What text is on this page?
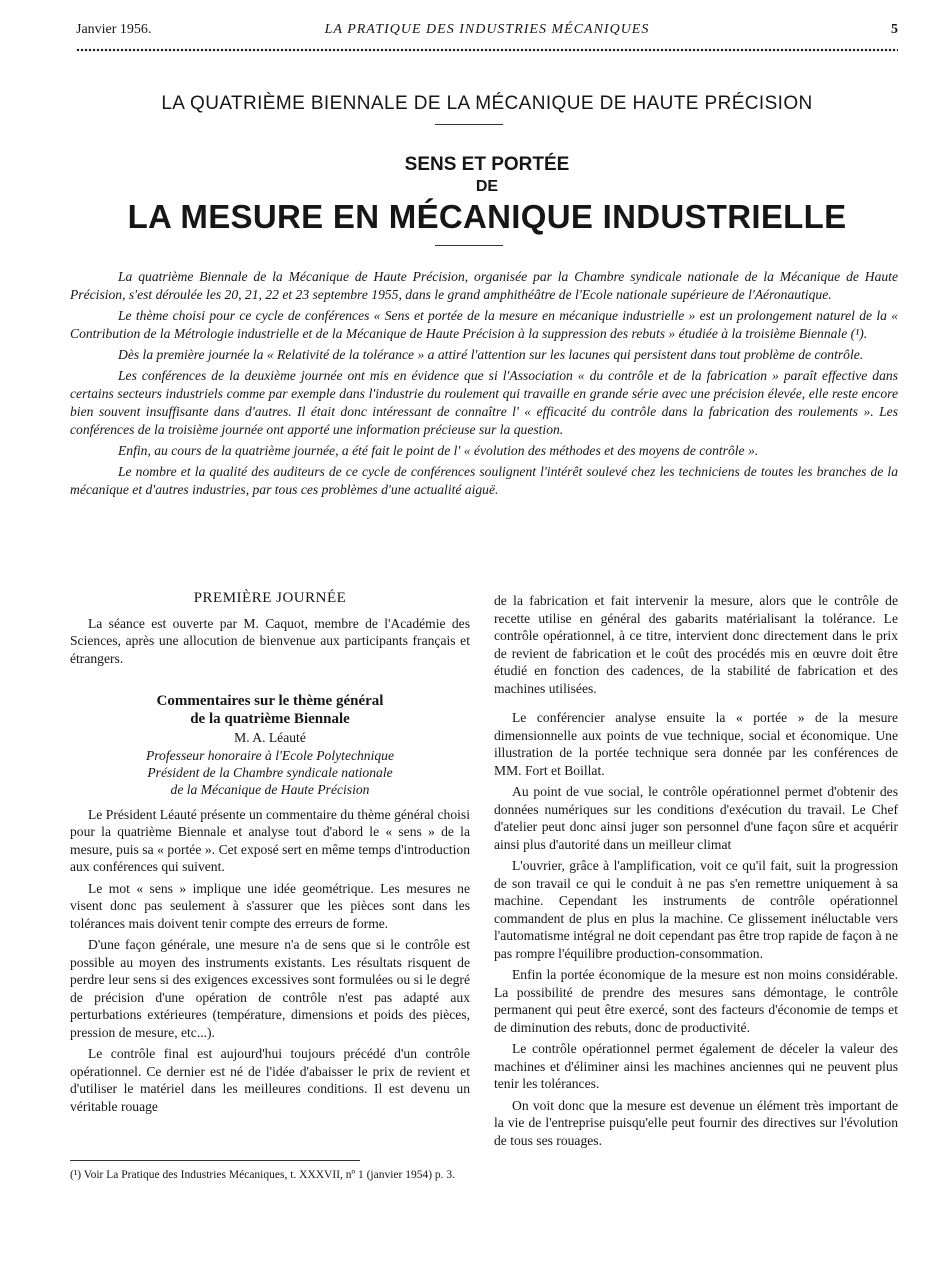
Janvier 1956.	LA PRATIQUE DES INDUSTRIES MÉCANIQUES	5
LA QUATRIÈME BIENNALE DE LA MÉCANIQUE DE HAUTE PRÉCISION
SENS ET PORTÉE
DE
LA MESURE EN MÉCANIQUE INDUSTRIELLE

La quatrième Biennale de la Mécanique de Haute Précision, organisée par la Chambre syndicale nationale de la Mécanique de Haute Précision, s'est déroulée les 20, 21, 22 et 23 septembre 1955, dans le grand amphithéâtre de l'Ecole nationale supérieure de l'Aéronautique.

Le thème choisi pour ce cycle de conférences « Sens et portée de la mesure en mécanique industrielle » est un prolongement naturel de la « Contribution de la Métrologie industrielle et de la Mécanique de Haute Précision à la suppression des rebuts » étudiée à la troisième Biennale (¹).

Dès la première journée la « Relativité de la tolérance » a attiré l'attention sur les lacunes qui persistent dans tout problème de contrôle.

Les conférences de la deuxième journée ont mis en évidence que si l'Association « du contrôle et de la fabrication » paraît effective dans certains secteurs industriels comme par exemple dans l'industrie du roulement qui travaille en grande série avec une précision élevée, elle reste encore bien souvent insuffisante dans d'autres. Il était donc intéressant de connaître l' « efficacité du contrôle dans la fabrication des roulements ». Les conférences de la troisième journée ont apporté une information précieuse sur la question.

Enfin, au cours de la quatrième journée, a été fait le point de l' « évolution des méthodes et des moyens de contrôle ».

Le nombre et la qualité des auditeurs de ce cycle de conférences soulignent l'intérêt soulevé chez les techniciens de toutes les branches de la mécanique et d'autres industries, par tous ces problèmes d'une actualité aiguë.

PREMIÈRE JOURNÉE

La séance est ouverte par M. Caquot, membre de l'Académie des Sciences, après une allocution de bienvenue aux participants français et étrangers.

Commentaires sur le thème général
de la quatrième Biennale
M. A. Léauté
Professeur honoraire à l'Ecole Polytechnique
Président de la Chambre syndicale nationale
de la Mécanique de Haute Précision

Le Président Léauté présente un commentaire du thème général choisi pour la quatrième Biennale et analyse tout d'abord le « sens » de la mesure, puis sa « portée ». Cet exposé sert en même temps d'introduction aux conférences qui suivent.

Le mot « sens » implique une idée geométrique. Les mesures ne visent donc pas seulement à s'assurer que les pièces sont dans les tolérances mais doivent tenir compte des erreurs de forme.

D'une façon générale, une mesure n'a de sens que si le contrôle est possible au moyen des instruments existants. Les résultats risquent de perdre leur sens si des exigences excessives sont formulées ou si le degré de précision d'une opération de contrôle n'est pas adapté aux perturbations extérieures (température, dimensions et poids des pièces, pression de mesure, etc...).

Le contrôle final est aujourd'hui toujours précédé d'un contrôle opérationnel. Ce dernier est né de l'idée d'abaisser le prix de revient et d'utiliser le matériel dans les meilleures conditions. Il est devenu un véritable rouage

de la fabrication et fait intervenir la mesure, alors que le contrôle de recette utilise en général des gabarits matérialisant la tolérance. Le contrôle opérationnel, à ce titre, intervient donc directement dans le prix de revient de fabrication et le coût des procédés mis en œuvre doit être étudié en fonction des cadences, de la stabilité de fabrication et des machines utilisées.

Le conférencier analyse ensuite la « portée » de la mesure dimensionnelle aux points de vue technique, social et économique. Une illustration de la portée technique sera donnée par les conférences de MM. Fort et Boillat.

Au point de vue social, le contrôle opérationnel permet d'obtenir des données numériques sur les conditions d'exécution du travail. Le Chef d'atelier peut donc ainsi juger son personnel d'une façon sûre et acquérir ainsi plus d'autorité dans un meilleur climat

L'ouvrier, grâce à l'amplification, voit ce qu'il fait, suit la progression de son travail ce qui le conduit à ne pas s'en remettre uniquement à sa machine. Cependant les instruments de contrôle opérationnel commandent de plus en plus la machine. Ce glissement inéluctable vers l'automatisme intégral ne doit cependant pas être trop rapide de façon à ne pas rompre l'équilibre production-consommation.

Enfin la portée économique de la mesure est non moins considérable. La possibilité de prendre des mesures sans démontage, le contrôle permanent qui peut être exercé, sont des facteurs d'économie de temps et de diminution des rebuts, donc de productivité.

Le contrôle opérationnel permet également de déceler la valeur des machines et d'éliminer ainsi les machines anciennes qui ne peuvent plus tenir les tolérances.

On voit donc que la mesure est devenue un élément très important de la vie de l'entreprise puisqu'elle peut fournir des directives sur l'évolution de tous ses rouages.

(¹) Voir La Pratique des Industries Mécaniques, t. XXXVII, nº 1 (janvier 1954) p. 3.
